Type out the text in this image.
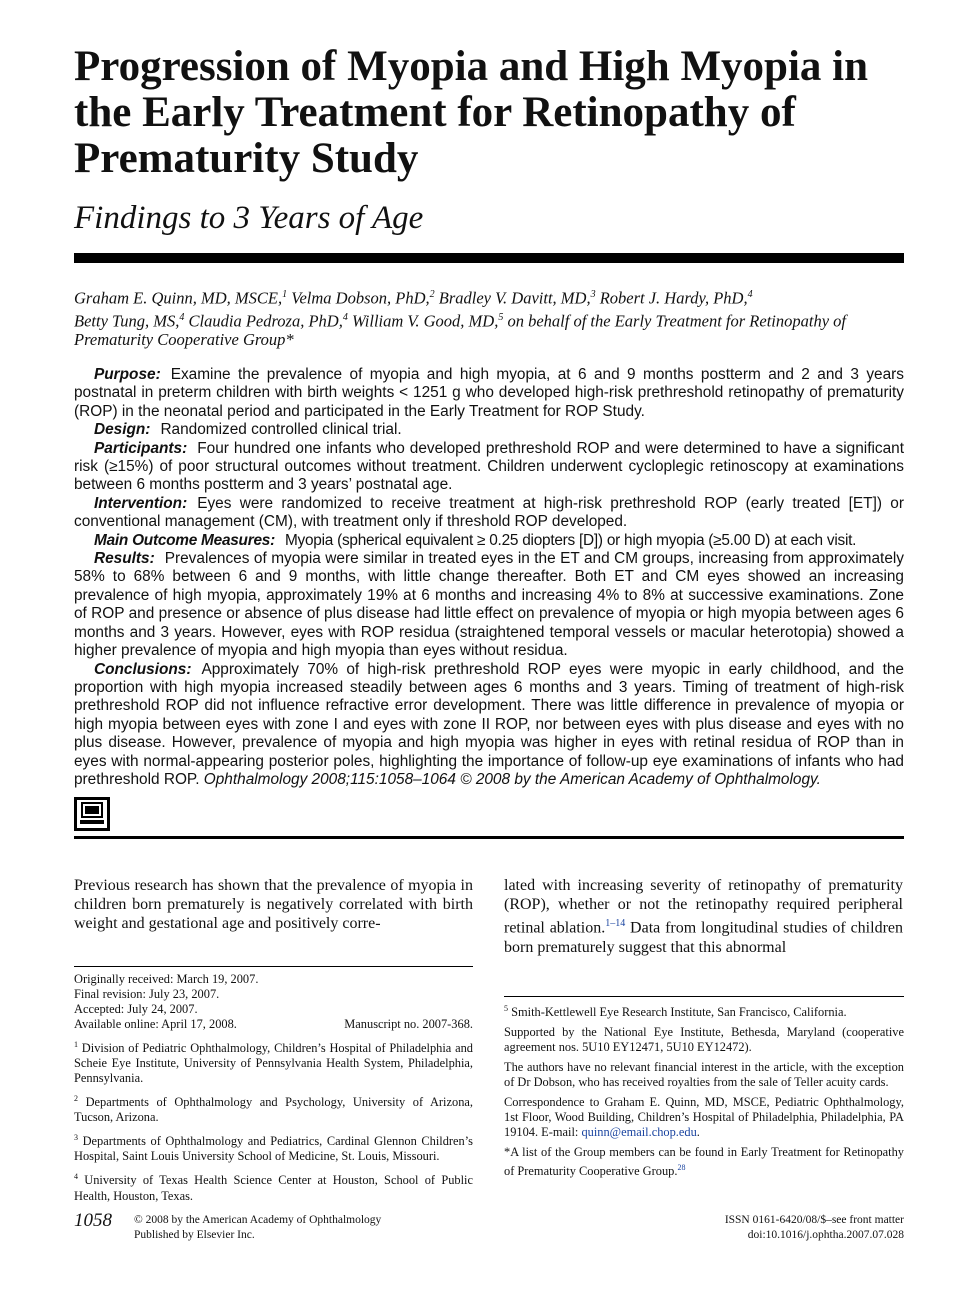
Progression of Myopia and High Myopia in the Early Treatment for Retinopathy of Prematurity Study
Findings to 3 Years of Age
Graham E. Quinn, MD, MSCE,$^1$ Velma Dobson, PhD,$^2$ Bradley V. Davitt, MD,$^3$ Robert J. Hardy, PhD,$^4$
Betty Tung, MS,$^4$ Claudia Pedroza, PhD,$^4$ William V. Good, MD,$^5$ on behalf of the Early Treatment for Retinopathy of Prematurity Cooperative Group*

Purpose: Examine the prevalence of myopia and high myopia, at 6 and 9 months postterm and 2 and 3 years postnatal in preterm children with birth weights < 1251 g who developed high-risk prethreshold retinopathy of prematurity (ROP) in the neonatal period and participated in the Early Treatment for ROP Study.

Design: Randomized controlled clinical trial.

Participants: Four hundred one infants who developed prethreshold ROP and were determined to have a significant risk (≥15%) of poor structural outcomes without treatment. Children underwent cycloplegic retinoscopy at examinations between 6 months postterm and 3 years’ postnatal age.

Intervention: Eyes were randomized to receive treatment at high-risk prethreshold ROP (early treated [ET]) or conventional management (CM), with treatment only if threshold ROP developed.

Main Outcome Measures: Myopia (spherical equivalent ≥ 0.25 diopters [D]) or high myopia (≥5.00 D) at each visit.

Results: Prevalences of myopia were similar in treated eyes in the ET and CM groups, increasing from approximately 58% to 68% between 6 and 9 months, with little change thereafter. Both ET and CM eyes showed an increasing prevalence of high myopia, approximately 19% at 6 months and increasing 4% to 8% at successive examinations. Zone of ROP and presence or absence of plus disease had little effect on prevalence of myopia or high myopia between ages 6 months and 3 years. However, eyes with ROP residua (straightened temporal vessels or macular heterotopia) showed a higher prevalence of myopia and high myopia than eyes without residua.

Conclusions: Approximately 70% of high-risk prethreshold ROP eyes were myopic in early childhood, and the proportion with high myopia increased steadily between ages 6 months and 3 years. Timing of treatment of high-risk prethreshold ROP did not influence refractive error development. There was little difference in prevalence of myopia or high myopia between eyes with zone I and eyes with zone II ROP, nor between eyes with plus disease and eyes with no plus disease. However, prevalence of myopia and high myopia was higher in eyes with retinal residua of ROP than in eyes with normal-appearing posterior poles, highlighting the importance of follow-up eye examinations of infants who had prethreshold ROP. Ophthalmology 2008;115:1058–1064 © 2008 by the American Academy of Ophthalmology.

Previous research has shown that the prevalence of myopia in children born prematurely is negatively correlated with birth weight and gestational age and positively corre-

lated with increasing severity of retinopathy of prematurity (ROP), whether or not the retinopathy required peripheral retinal ablation.$^{1-14}$ Data from longitudinal studies of children born prematurely suggest that this abnormal

Originally received: March 19, 2007.

Final revision: July 23, 2007.

Accepted: July 24, 2007.

Available online: April 17, 2008.	Manuscript no. 2007-368.

$^1$ Division of Pediatric Ophthalmology, Children’s Hospital of Philadelphia and Scheie Eye Institute, University of Pennsylvania Health System, Philadelphia, Pennsylvania.

$^2$ Departments of Ophthalmology and Psychology, University of Arizona, Tucson, Arizona.

$^3$ Departments of Ophthalmology and Pediatrics, Cardinal Glennon Children’s Hospital, Saint Louis University School of Medicine, St. Louis, Missouri.

$^4$ University of Texas Health Science Center at Houston, School of Public Health, Houston, Texas.

$^5$ Smith-Kettlewell Eye Research Institute, San Francisco, California.

Supported by the National Eye Institute, Bethesda, Maryland (cooperative agreement nos. 5U10 EY12471, 5U10 EY12472).

The authors have no relevant financial interest in the article, with the exception of Dr Dobson, who has received royalties from the sale of Teller acuity cards.

Correspondence to Graham E. Quinn, MD, MSCE, Pediatric Ophthalmology, 1st Floor, Wood Building, Children’s Hospital of Philadelphia, Philadelphia, PA 19104. E-mail: quinn@email.chop.edu.

*A list of the Group members can be found in Early Treatment for Retinopathy of Prematurity Cooperative Group.$^{28}$

1058 © 2008 by the American Academy of Ophthalmology
Published by Elsevier Inc.
ISSN 0161-6420/08/$–see front matter
doi:10.1016/j.ophtha.2007.07.028
